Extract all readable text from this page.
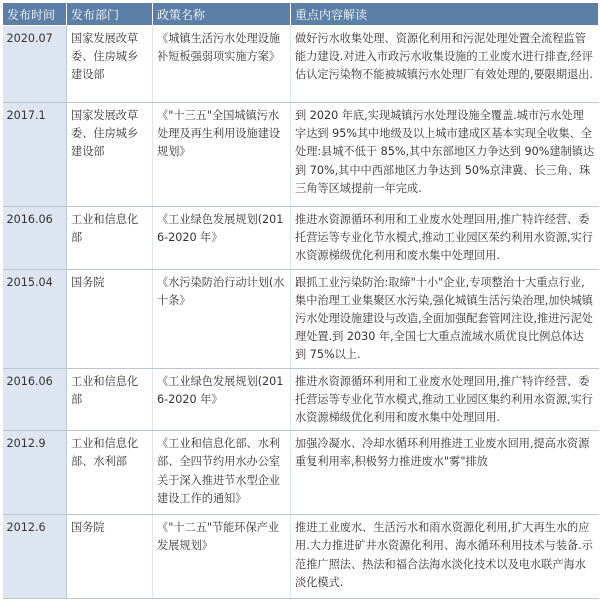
发布时间	发布部门	政策名称	重点内容解读
2020.07	国家发展改草委、住房城乡建设部	《城镇生活污水处理设施补短板强弱项实施方案》	做好污水收集处理、资源化利用和污泥处理处置全流程监管能力建设.对进入市政污水收集设施的工业废水进行排查,经评估认定污染物不能被城镇污水处理厂有效处理的,要限期退出.
2017.1	国家发展改草委、住房城乡建设部	《"十三五"全国城镇污水处理及再生利用设施建设规划》	到 2020 年底,实现城镇污水处理设施全覆盖.城市污水处理字达到 95%其中地级及以上城市建成区基本实现全收集、全处理:县城不低于 85%,其中东部地区力争达到 90%建制镇达到 70%,其中中西部地区力争达到 50%京津冀、长三角、珠三角等区域提前一年完成.
2016.06	工业和信息化部	《工业绿色发展规划(2016-2020 年》	推进水资源循环利用和工业废水处理回用,推广特许经营、委托营运等专业化节水模式,推动工业园区茱约利用水资源,实行水资源梯级优化利用和废水集中处理回用.
2015.04	国务院	《水污染防治行动计划(水十条》	跟抓工业污染防治:取缔"十小"企业,专项整治十大重点行业,集中治理工业集聚区水污染,强化城镇生活污染治理,加快城镇污水处理设施建设与改造,全面加强配套管网注设,推进污泥处理处置.到 2030 年,全国七大重点流域水质优良比例总体达到 75%以上.
2016.06	工业和信息化部	《工业绿色发展规划(2016-2020 年》	推进水资源循环利用和工业废水处理回用,推广特许经营、委托营运等专业化节水模式,推动工业园区集约利用水资源,实行水资源梯级优化利用和废水集中处理回用.
2012.9	工业和信息化部、水利部	《工业和信息化部、水利部、全四节约用水办公室关于深入推进节水型企业建设工作的通知》	加强冷凝水、冷却水循环利用推进工业废水回用,提高水资源重复利用率,积极努力推进废水"雾"排放
2012.6	国务院	《"十二五"节能环保产业发展规划》	推进工业废水、生活污水和雨水资源化利用,扩大再生水的应用.大力推进矿井水资源化利用、海水循环利用技术与装备.示范推广照法、热法和福合法海水淡化技术以及电水联产海水淡化模式.
